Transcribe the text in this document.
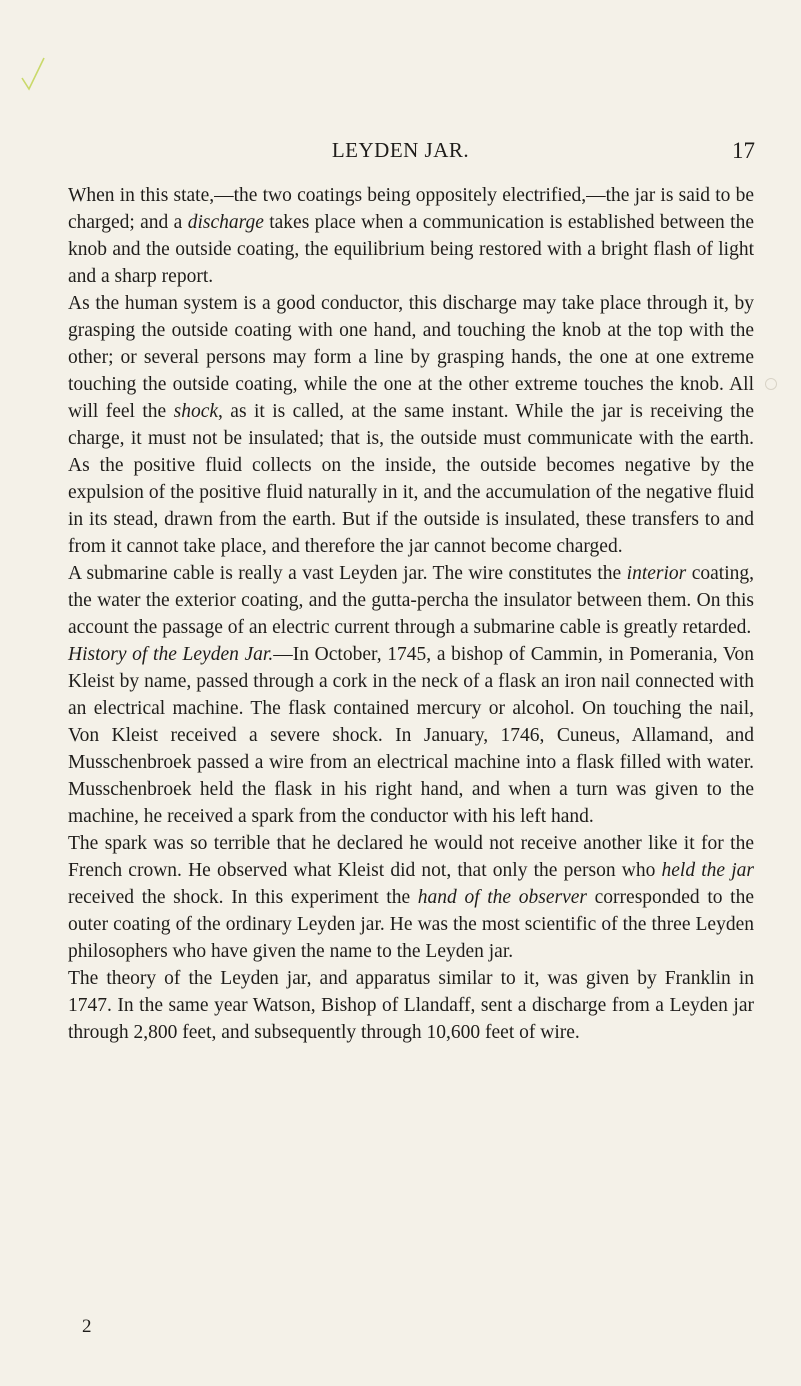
LEYDEN JAR.	17

When in this state,—the two coatings being oppositely electrified,—the jar is said to be charged; and a discharge takes place when a communication is established between the knob and the outside coating, the equilibrium being restored with a bright flash of light and a sharp report.

As the human system is a good conductor, this discharge may take place through it, by grasping the outside coating with one hand, and touching the knob at the top with the other; or several persons may form a line by grasping hands, the one at one extreme touching the outside coating, while the one at the other extreme touches the knob. All will feel the shock, as it is called, at the same instant. While the jar is receiving the charge, it must not be insulated; that is, the outside must communicate with the earth. As the positive fluid collects on the inside, the outside becomes negative by the expulsion of the positive fluid naturally in it, and the accumulation of the negative fluid in its stead, drawn from the earth. But if the outside is insulated, these transfers to and from it cannot take place, and therefore the jar cannot become charged.

A submarine cable is really a vast Leyden jar. The wire constitutes the interior coating, the water the exterior coating, and the gutta-percha the insulator between them. On this account the passage of an electric current through a submarine cable is greatly retarded.

History of the Leyden Jar.—In October, 1745, a bishop of Cammin, in Pomerania, Von Kleist by name, passed through a cork in the neck of a flask an iron nail connected with an electrical machine. The flask contained mercury or alcohol. On touching the nail, Von Kleist received a severe shock. In January, 1746, Cuneus, Allamand, and Musschenbroek passed a wire from an electrical machine into a flask filled with water. Musschenbroek held the flask in his right hand, and when a turn was given to the machine, he received a spark from the conductor with his left hand.

The spark was so terrible that he declared he would not receive another like it for the French crown. He observed what Kleist did not, that only the person who held the jar received the shock. In this experiment the hand of the observer corresponded to the outer coating of the ordinary Leyden jar. He was the most scientific of the three Leyden philosophers who have given the name to the Leyden jar.

The theory of the Leyden jar, and apparatus similar to it, was given by Franklin in 1747. In the same year Watson, Bishop of Llandaff, sent a discharge from a Leyden jar through 2,800 feet, and subsequently through 10,600 feet of wire.

2
